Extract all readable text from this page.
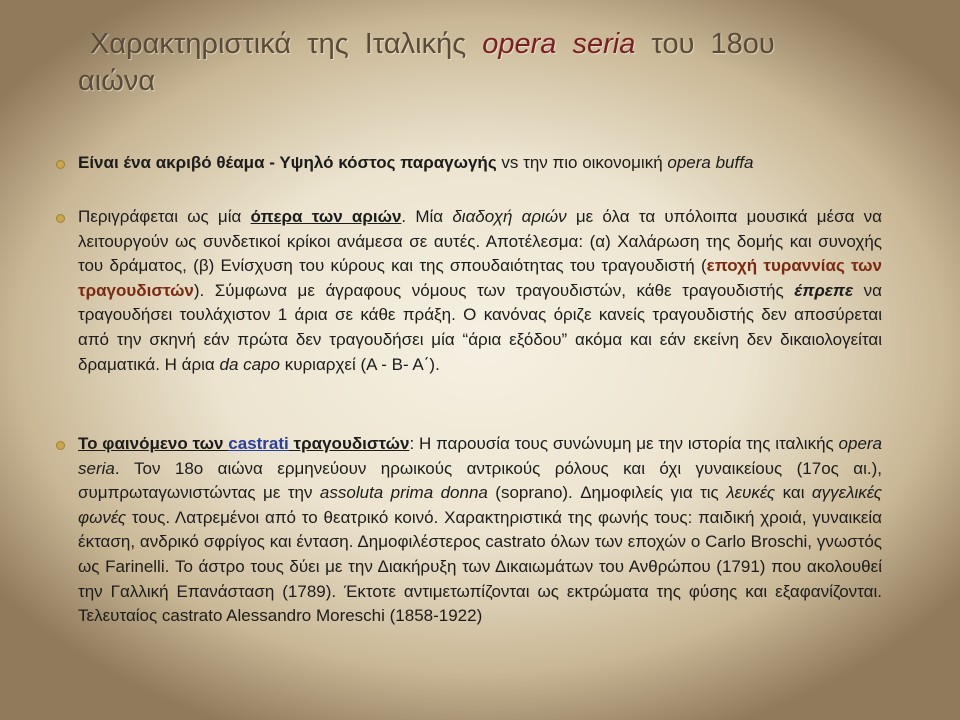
Χαρακτηριστικά της Ιταλικής opera seria του 18ου
αιώνα
Είναι ένα ακριβό θέαμα - Υψηλό κόστος παραγωγής vs την πιο οικονομική opera buffa
Περιγράφεται ως μία όπερα των αριών. Μία διαδοχή αριών με όλα τα υπόλοιπα μουσικά μέσα να λειτουργούν ως συνδετικοί κρίκοι ανάμεσα σε αυτές. Αποτέλεσμα: (α) Χαλάρωση της δομής και συνοχής του δράματος, (β) Ενίσχυση του κύρους και της σπουδαιότητας του τραγουδιστή (εποχή τυραννίας των τραγουδιστών). Σύμφωνα με άγραφους νόμους των τραγουδιστών, κάθε τραγουδιστής έπρεπε να τραγουδήσει τουλάχιστον 1 άρια σε κάθε πράξη. Ο κανόνας όριζε κανείς τραγουδιστής δεν αποσύρεται από την σκηνή εάν πρώτα δεν τραγουδήσει μία “άρια εξόδου” ακόμα και εάν εκείνη δεν δικαιολογείται δραματικά. Η άρια da capo κυριαρχεί (Α - Β- Α΄).
Το φαινόμενο των castrati τραγουδιστών: Η παρουσία τους συνώνυμη με την ιστορία της ιταλικής opera seria. Τον 18ο αιώνα ερμηνεύουν ηρωικούς αντρικούς ρόλους και όχι γυναικείους (17ος αι.), συμπρωταγωνιστώντας με την assoluta prima donna (soprano). Δημοφιλείς για τις λευκές και αγγελικές φωνές τους. Λατρεμένοι από το θεατρικό κοινό. Χαρακτηριστικά της φωνής τους: παιδική χροιά, γυναικεία έκταση, ανδρικό σφρίγος και ένταση. Δημοφιλέστερος castrato όλων των εποχών ο Carlo Broschi, γνωστός ως Farinelli. Το άστρο τους δύει με την Διακήρυξη των Δικαιωμάτων του Ανθρώπου (1791) που ακολουθεί την Γαλλική Επανάσταση (1789). Έκτοτε αντιμετωπίζονται ως εκτρώματα της φύσης και εξαφανίζονται. Τελευταίος castrato Alessandro Moreschi (1858-1922)
